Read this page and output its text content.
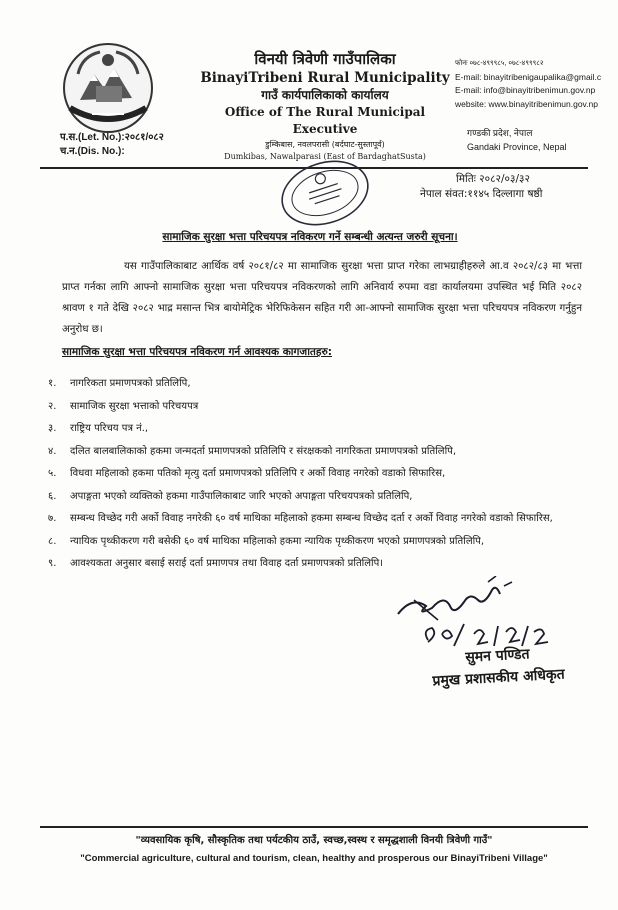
विनयी त्रिवेणी गाउँपालिका
BinayiTribeni Rural Municipality
गाउँ कार्यपालिकाको कार्यालय
Office of The Rural Municipal Executive
डुम्किबास, नवलपरासी (बर्दघाट-सुस्तापूर्व)
Dumkibas, Nawalparasi (East of BardaghatSusta)
फोनः ०७८-४९९९८५, ०७८-४९९९८२
E-mail: binayitribenigaupalika@gmail.c
E-mail: info@binayitribenimun.gov.np
website: www.binayitribenimun.gov.np
गण्डकी प्रदेश, नेपाल
Gandaki Province, Nepal
प.स.(Let. No.):२०८१/०८२
च.न.(Dis. No.):
मितिः २०८२/०३/३२
नेपाल संवत:११४५ दिल्लागा षष्ठी
सामाजिक सुरक्षा भत्ता परिचयपत्र नविकरण गर्ने सम्बन्धी अत्यन्त जरुरी सूचना।
यस गाउँपालिकाबाट आर्थिक वर्ष २०८१/८२ मा सामाजिक सुरक्षा भत्ता प्राप्त गरेका लाभग्राहीहरुले आ.व २०८२/८३ मा भत्ता प्राप्त गर्नका लागि आफ्नो सामाजिक सुरक्षा भत्ता परिचयपत्र नविकरणको लागि अनिवार्य रुपमा वडा कार्यालयमा उपस्थित भई मिति २०८२ श्रावण १ गते देखि २०८२ भाद्र मसान्त भित्र बायोमेट्रिक भेरिफिकेसन सहित गरी आ-आफ्नो सामाजिक सुरक्षा भत्ता परिचयपत्र नविकरण गर्नुहुन अनुरोध छ।
सामाजिक सुरक्षा भत्ता परिचयपत्र नविकरण गर्न आवश्यक कागजातहरु:
१.	नागरिकता प्रमाणपत्रको प्रतिलिपि,
२.	सामाजिक सुरक्षा भत्ताको परिचयपत्र
३.	राष्ट्रिय परिचय पत्र नं.,
४.	दलित बालबालिकाको हकमा जन्मदर्ता प्रमाणपत्रको प्रतिलिपि र संरक्षकको नागरिकता प्रमाणपत्रको प्रतिलिपि,
५.	विधवा महिलाको हकमा पतिको मृत्यु दर्ता प्रमाणपत्रको प्रतिलिपि र अर्को विवाह नगरेको वडाको सिफारिस,
६.	अपाङ्गता भएको व्यक्तिको हकमा गाउँपालिकाबाट जारि भएको अपाङ्गता परिचयपत्रको प्रतिलिपि,
७.	सम्बन्ध विच्छेद गरी अर्को विवाह नगरेकी ६० वर्ष माथिका महिलाको हकमा सम्बन्ध विच्छेद दर्ता र अर्को विवाह नगरेको वडाको सिफारिस,
८.	न्यायिक पृथ्कीकरण गरी बसेकी ६० वर्ष माथिका महिलाको हकमा न्यायिक पृथ्कीकरण भएको प्रमाणपत्रको प्रतिलिपि,
९.	आवश्यकता अनुसार बसाई सराई दर्ता प्रमाणपत्र तथा विवाह दर्ता प्रमाणपत्रको प्रतिलिपि।
सुमन पण्डित
प्रमुख प्रशासकीय अधिकृत
"व्यवसायिक कृषि, सौस्कृतिक तथा पर्यटकीय ठाउँ, स्वच्छ,स्वस्थ र समृद्धशाली विनयी त्रिवेणी गाउँ"
"Commercial agriculture, cultural and tourism, clean, healthy and prosperous our BinayiTribeni Village"
